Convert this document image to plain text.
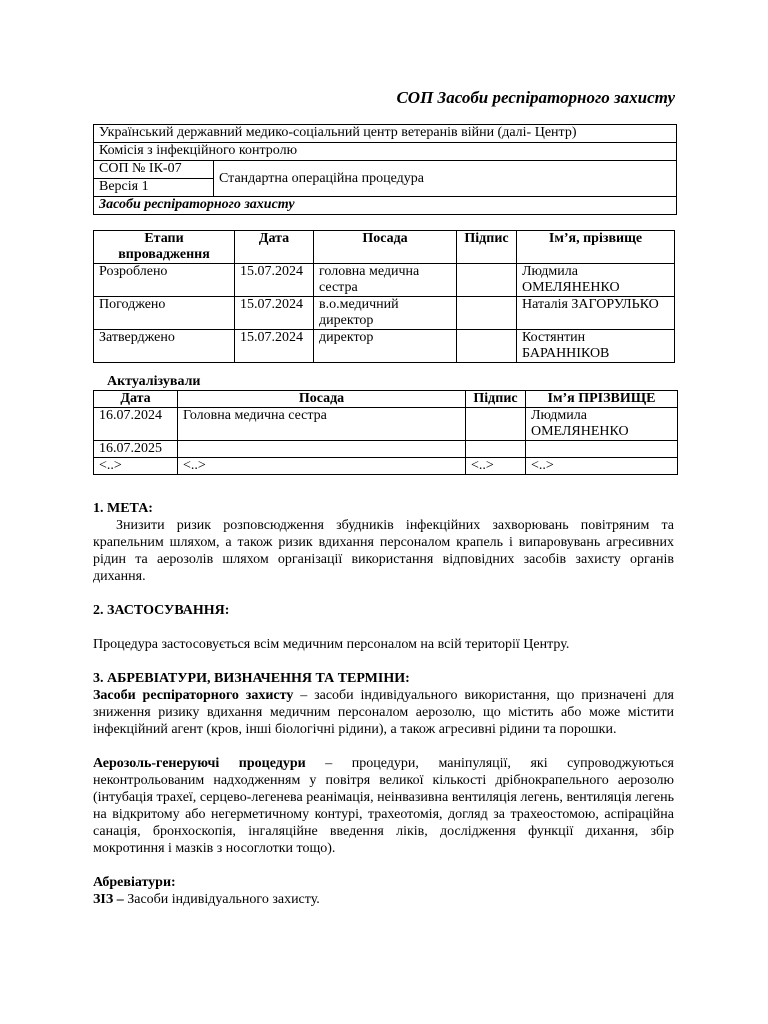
СОП Засоби респіраторного захисту
Український державний медико-соціальний центр ветеранів війни (далі- Центр)
Комісія з інфекційного контролю
СОП № ІК-07	Стандартна операційна процедура
Версія 1
Засоби респіраторного захисту
Етапи впровадження	Дата	Посада	Підпис	Ім’я, прізвище
Розроблено	15.07.2024	головна медична сестра		Людмила ОМЕЛЯНЕНКО
Погоджено	15.07.2024	в.о.медичний директор		Наталія ЗАГОРУЛЬКО
Затверджено	15.07.2024	директор		Костянтин БАРАННІКОВ
Актуалізували
Дата	Посада	Підпис	Ім’я ПРІЗВИЩЕ
16.07.2024	Головна медична сестра		Людмила ОМЕЛЯНЕНКО
16.07.2025			
<..>	<..>	<..>	<..>

1. МЕТА:

Знизити ризик розповсюдження збудників інфекційних захворювань повітряним та крапельним шляхом, а також ризик вдихання персоналом крапель і випаровувань агресивних рідин та аерозолів шляхом організації використання відповідних засобів захисту органів дихання.

2. ЗАСТОСУВАННЯ:

Процедура застосовується всім медичним персоналом на всій території Центру.

3. АБРЕВІАТУРИ, ВИЗНАЧЕННЯ ТА ТЕРМІНИ:

Засоби респіраторного захисту – засоби індивідуального використання, що призначені для зниження ризику вдихання медичним персоналом аерозолю, що містить або може містити інфекційний агент (кров, інші біологічні рідини), а також агресивні рідини та порошки.

Аерозоль-генеруючі процедури – процедури, маніпуляції, які супроводжуються неконтрольованим надходженням у повітря великої кількості дрібнокрапельного аерозолю (інтубація трахеї, серцево-легенева реанімація, неінвазивна вентиляція легень, вентиляція легень на відкритому або негерметичному контурі, трахеотомія, догляд за трахеостомою, аспіраційна санація, бронхоскопія, інгаляційне введення ліків, дослідження функції дихання, збір мокротиння і мазків з носоглотки тощо).

Абревіатури:

ЗІЗ – Засоби індивідуального захисту.
